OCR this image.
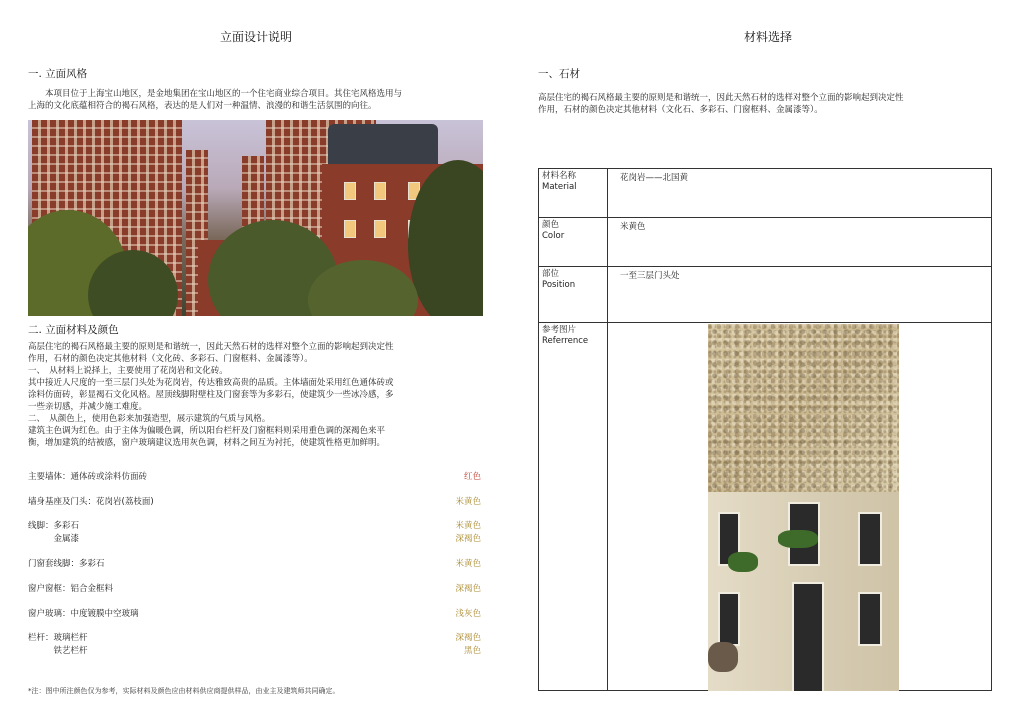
立面设计说明
一. 立面风格
　　本项目位于上海宝山地区，是金地集团在宝山地区的一个住宅商业综合项目。其住宅风格选用与
上海的文化底蕴相符合的褐石风格，表达的是人们对一种温情、浪漫的和谐生活氛围的向往。
二. 立面材料及颜色
高层住宅的褐石风格最主要的原则是和谐统一，因此天然石材的选样对整个立面的影响起到决定性
作用，石材的颜色决定其他材料（文化砖、多彩石、门窗框料、金属漆等）。
一、　从材料上说择上，主要使用了花岗岩和文化砖。
其中接近人尺度的一至三层门头处为花岗岩，传达雅致高贵的品质。主体墙面处采用红色通体砖或
涂料仿面砖，彰显褐石文化风格。屋顶线脚附壁柱及门窗套等为多彩石，使建筑少一些冰冷感，多
一些亲切感，并减少施工难度。
二、　从颜色上，使用色彩来加强造型，展示建筑的气质与风格。
建筑主色调为红色。由于主体为偏暖色调，所以阳台栏杆及门窗框料则采用重色调的深褐色来平
衡，增加建筑的结被感，窗户玻璃建议选用灰色调，材料之间互为衬托，使建筑性格更加鲜明。
主要墙体：通体砖或涂料仿面砖	红色
墙身基座及门头：花岗岩(荔枝面)	米黄色
线脚：多彩石	米黄色
　　　金属漆	深褐色
门窗套线脚：多彩石	米黄色
窗户窗框：铝合金框料	深褐色
窗户玻璃：中度镀膜中空玻璃	浅灰色
栏杆：玻璃栏杆	深褐色
　　　铁艺栏杆	黑色
*注：图中所注颜色仅为参考，实际材料及颜色应由材料供应商提供样品，由业主及建筑师共同确定。
材料选择
一、石材
高层住宅的褐石风格最主要的原则是和谐统一，因此天然石材的选样对整个立面的影响起到决定性
作用，石材的颜色决定其他材料（文化石、多彩石、门窗框料、金属漆等）。
材料名称
Material	花岗岩——北国黄

颜色
Color	米黄色

部位
Position	一至三层门头处

参考图片
Referrence	
